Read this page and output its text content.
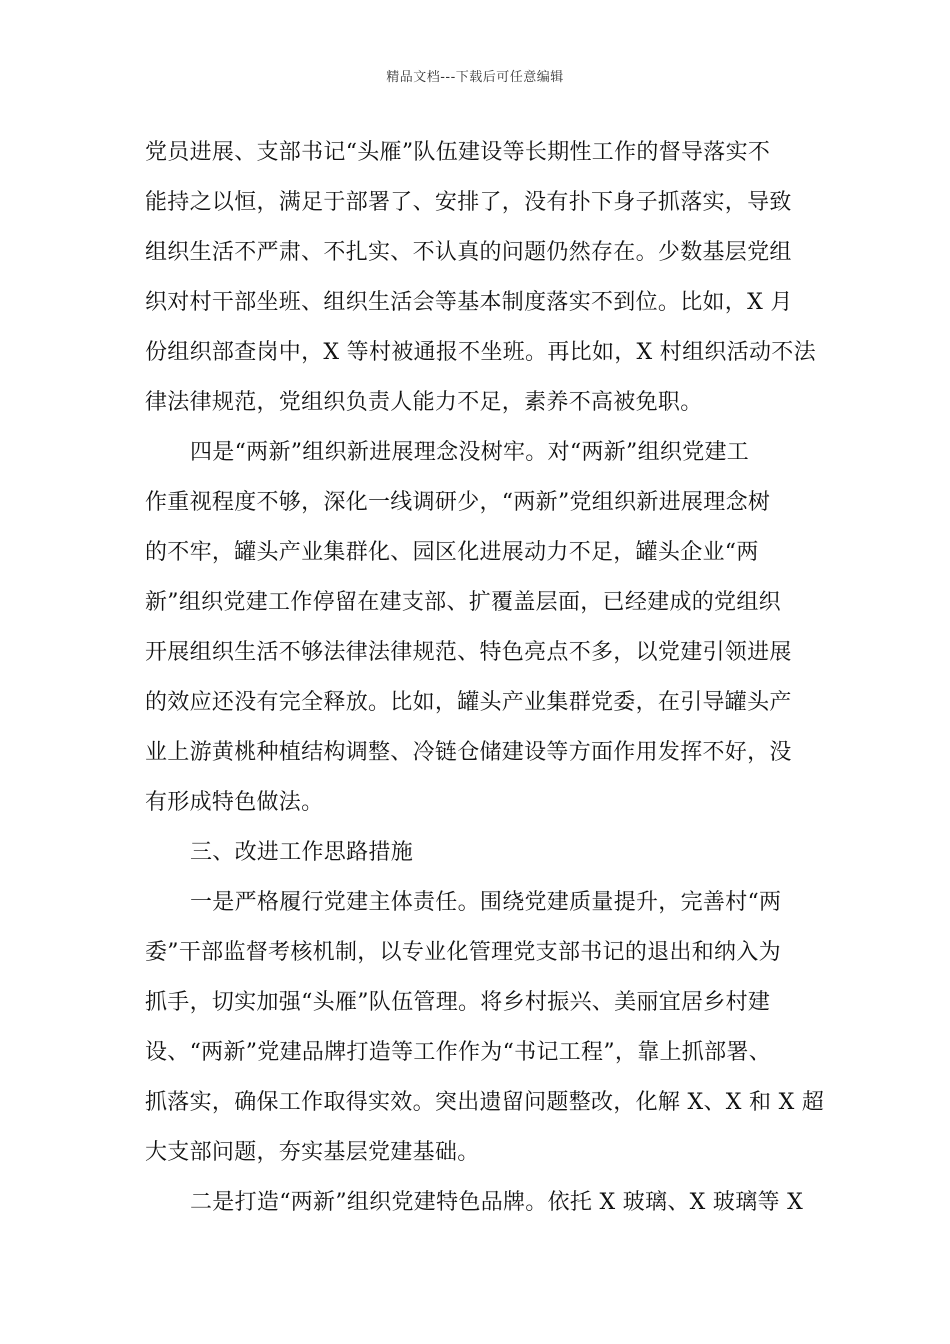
精品文档---下载后可任意编辑
党员进展、支部书记“头雁”队伍建设等长期性工作的督导落实不
能持之以恒，满足于部署了、安排了，没有扑下身子抓落实，导致
组织生活不严肃、不扎实、不认真的问题仍然存在。少数基层党组
织对村干部坐班、组织生活会等基本制度落实不到位。比如，X 月
份组织部查岗中，X 等村被通报不坐班。再比如，X 村组织活动不法
律法律规范，党组织负责人能力不足，素养不高被免职。
四是“两新”组织新进展理念没树牢。对“两新”组织党建工
作重视程度不够，深化一线调研少，“两新”党组织新进展理念树
的不牢，罐头产业集群化、园区化进展动力不足，罐头企业“两
新”组织党建工作停留在建支部、扩覆盖层面，已经建成的党组织
开展组织生活不够法律法律规范、特色亮点不多，以党建引领进展
的效应还没有完全释放。比如，罐头产业集群党委，在引导罐头产
业上游黄桃种植结构调整、冷链仓储建设等方面作用发挥不好，没
有形成特色做法。
三、改进工作思路措施
一是严格履行党建主体责任。围绕党建质量提升，完善村“两
委”干部监督考核机制，以专业化管理党支部书记的退出和纳入为
抓手，切实加强“头雁”队伍管理。将乡村振兴、美丽宜居乡村建
设、“两新”党建品牌打造等工作作为“书记工程”，靠上抓部署、
抓落实，确保工作取得实效。突出遗留问题整改，化解 X、X 和 X 超
大支部问题，夯实基层党建基础。
二是打造“两新”组织党建特色品牌。依托 X 玻璃、X 玻璃等 X
